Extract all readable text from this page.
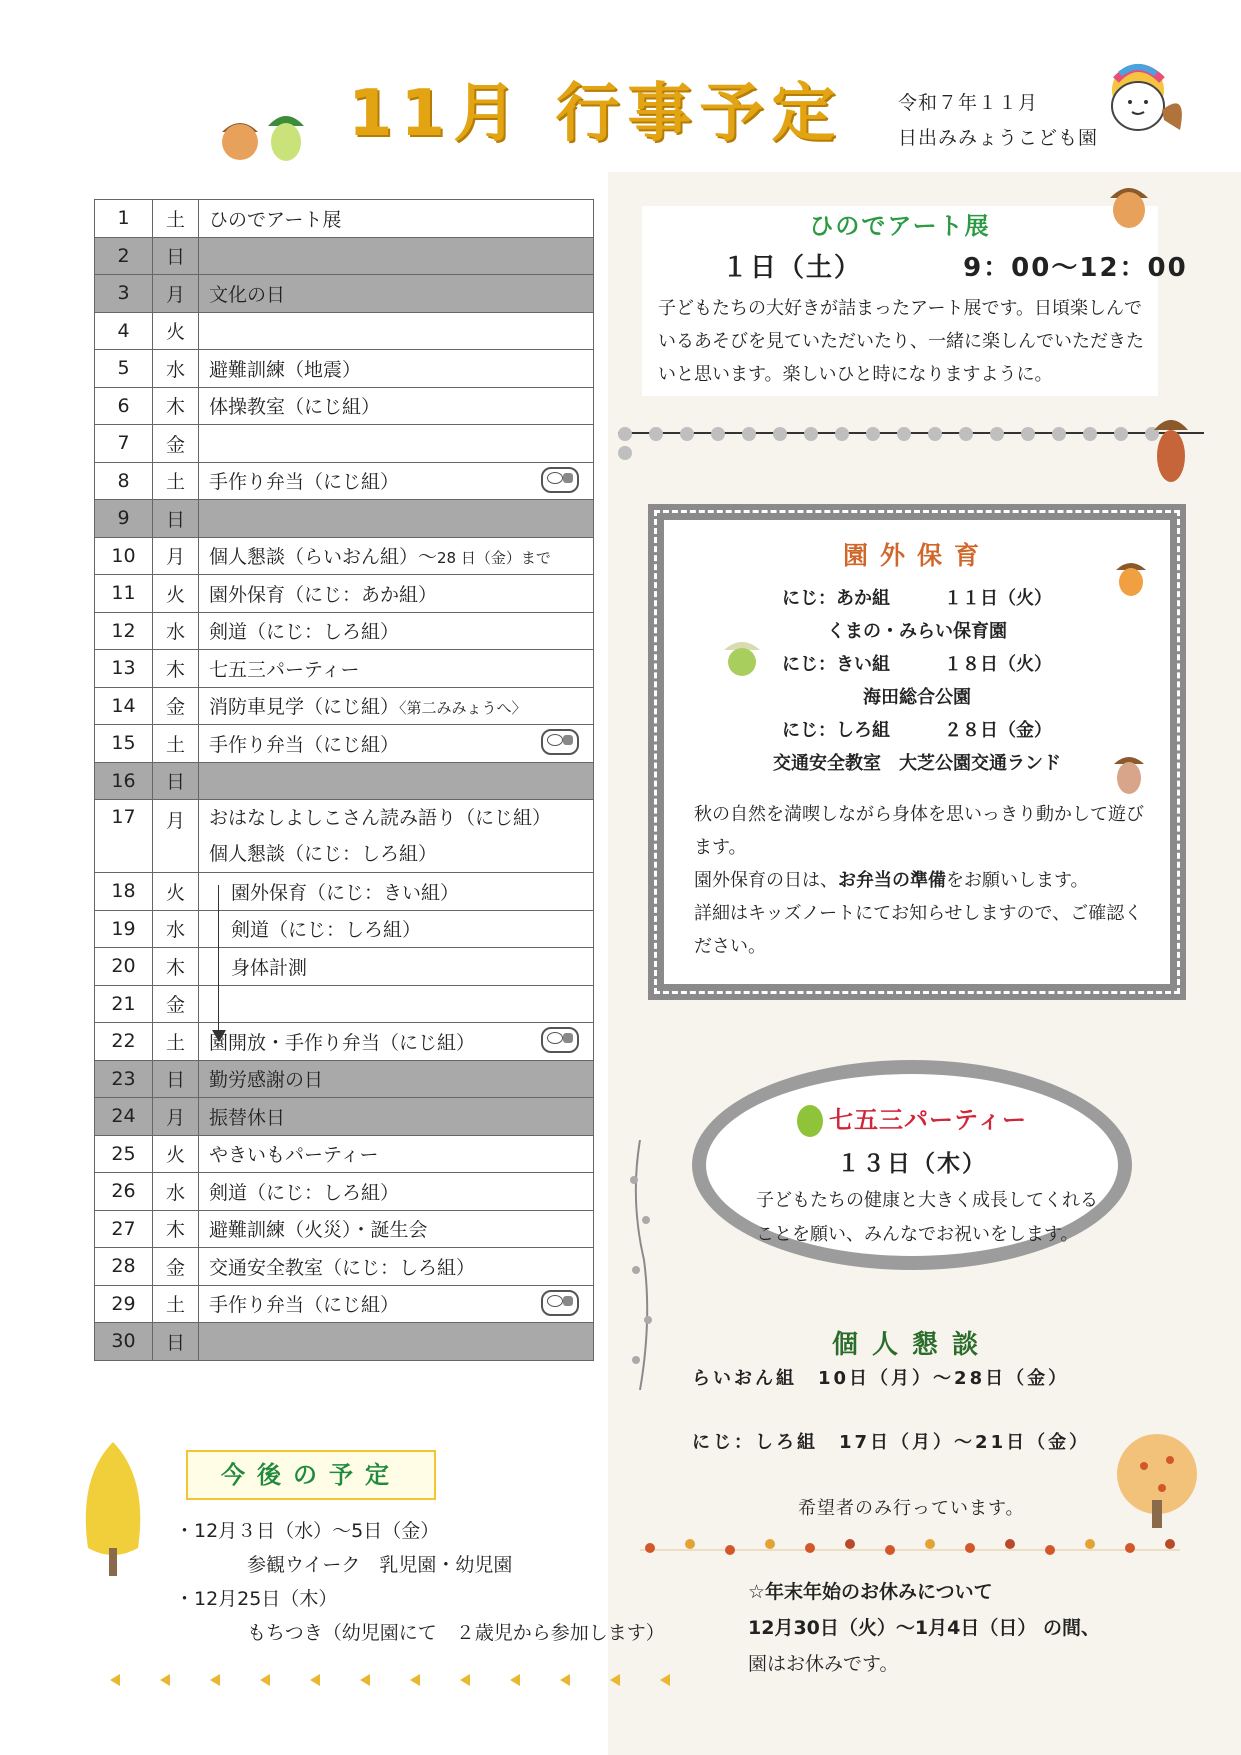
11月 行事予定	令和７年１１月
日出みみょうこども園
1	土	ひのでアート展
2	日	
3	月	文化の日
4	火	
5	水	避難訓練（地震）
6	木	体操教室（にじ組）
7	金	
8	土	手作り弁当（にじ組）

9	日	
10	月	個人懇談（らいおん組）～28 日（金）まで
11	火	園外保育（にじ：あか組）
12	水	剣道（にじ：しろ組）
13	木	七五三パーティー
14	金	消防車見学（にじ組）〈第二みみょうへ〉
15	土	手作り弁当（にじ組）

16	日	
17	月	おはなしよしこさん読み語り（にじ組）
個人懇談（にじ：しろ組）
18	火	園外保育（にじ：きい組）
19	水	剣道（にじ：しろ組）
20	木	身体計測
21	金	
22	土	園開放・手作り弁当（にじ組）

23	日	勤労感謝の日
24	月	振替休日
25	火	やきいもパーティー
26	水	剣道（にじ：しろ組）
27	木	避難訓練（火災）・誕生会
28	金	交通安全教室（にじ：しろ組）
29	土	手作り弁当（にじ組）

30	日	
ひのでアート展
１日（土）	9：00～12：00

子どもたちの大好きが詰まったアート展です。日頃楽しんでいるあそびを見ていただいたり、一緒に楽しんでいただきたいと思います。楽しいひと時になりますように。

園外保育
にじ：あか組　　　１１日（火）
くまの・みらい保育園
にじ：きい組　　　１８日（火）
海田総合公園
にじ：しろ組　　　２８日（金）
交通安全教室　大芝公園交通ランド

秋の自然を満喫しながら身体を思いっきり動かして遊びます。
園外保育の日は、お弁当の準備をお願いします。
詳細はキッズノートにてお知らせしますので、ご確認ください。

七五三パーティー
１３日（木）

子どもたちの健康と大きく成長してくれることを願い、みんなでお祝いをします。

個人懇談
らいおん組　10日（月）～28日（金）
にじ：しろ組　17日（月）～21日（金）
希望者のみ行っています。
☆年末年始のお休みについて
12月30日（火）～1月4日（日） の間、
園はお休みです。
今後の予定
・12月３日（水）～5日（金）
参観ウイーク　乳児園・幼児園
・12月25日（木）
もちつき（幼児園にて　２歳児から参加します）
